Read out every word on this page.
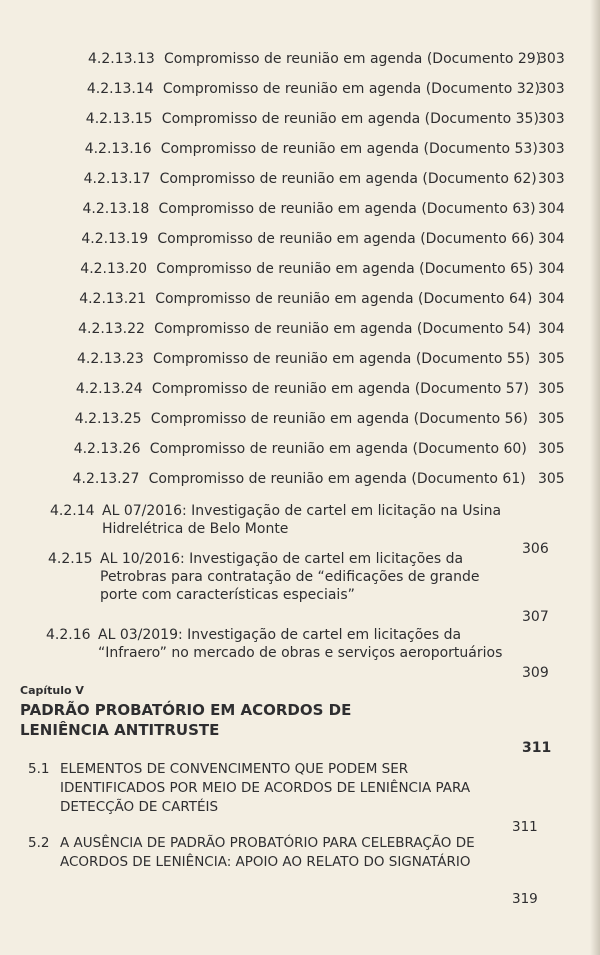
4.2.13.13 Compromisso de reunião em agenda (Documento 29)
303
4.2.13.14 Compromisso de reunião em agenda (Documento 32)
303
4.2.13.15 Compromisso de reunião em agenda (Documento 35) 303
4.2.13.16 Compromisso de reunião em agenda (Documento 53) 303
4.2.13.17 Compromisso de reunião em agenda (Documento 62) 303
4.2.13.18 Compromisso de reunião em agenda (Documento 63) 304
4.2.13.19 Compromisso de reunião em agenda (Documento 66) 304
4.2.13.20 Compromisso de reunião em agenda (Documento 65) 304
4.2.13.21 Compromisso de reunião em agenda (Documento 64) 304
4.2.13.22 Compromisso de reunião em agenda (Documento 54) 304
4.2.13.23 Compromisso de reunião em agenda (Documento 55) 305
4.2.13.24 Compromisso de reunião em agenda (Documento 57) 305
4.2.13.25 Compromisso de reunião em agenda (Documento 56) 305
4.2.13.26 Compromisso de reunião em agenda (Documento 60) 305
4.2.13.27 Compromisso de reunião em agenda (Documento 61) 305
4.2.14 AL 07/2016: Investigação de cartel em licitação na Usina Hidrelétrica de Belo Monte
306
4.2.15 AL 10/2016: Investigação de cartel em licitações da Petrobras para contratação de “edificações de grande porte com características especiais”
307
4.2.16 AL 03/2019: Investigação de cartel em licitações da “Infraero” no mercado de obras e serviços aeroportuários
309
Capítulo V
PADRÃO PROBATÓRIO EM ACORDOS DE LENIÊNCIA ANTITRUSTE
311
5.1 ELEMENTOS DE CONVENCIMENTO QUE PODEM SER IDENTIFICADOS POR MEIO DE ACORDOS DE LENIÊNCIA PARA DETECÇÃO DE CARTÉIS
311
5.2 A AUSÊNCIA DE PADRÃO PROBATÓRIO PARA CELEBRAÇÃO DE ACORDOS DE LENIÊNCIA: APOIO AO RELATO DO SIGNATÁRIO
319
